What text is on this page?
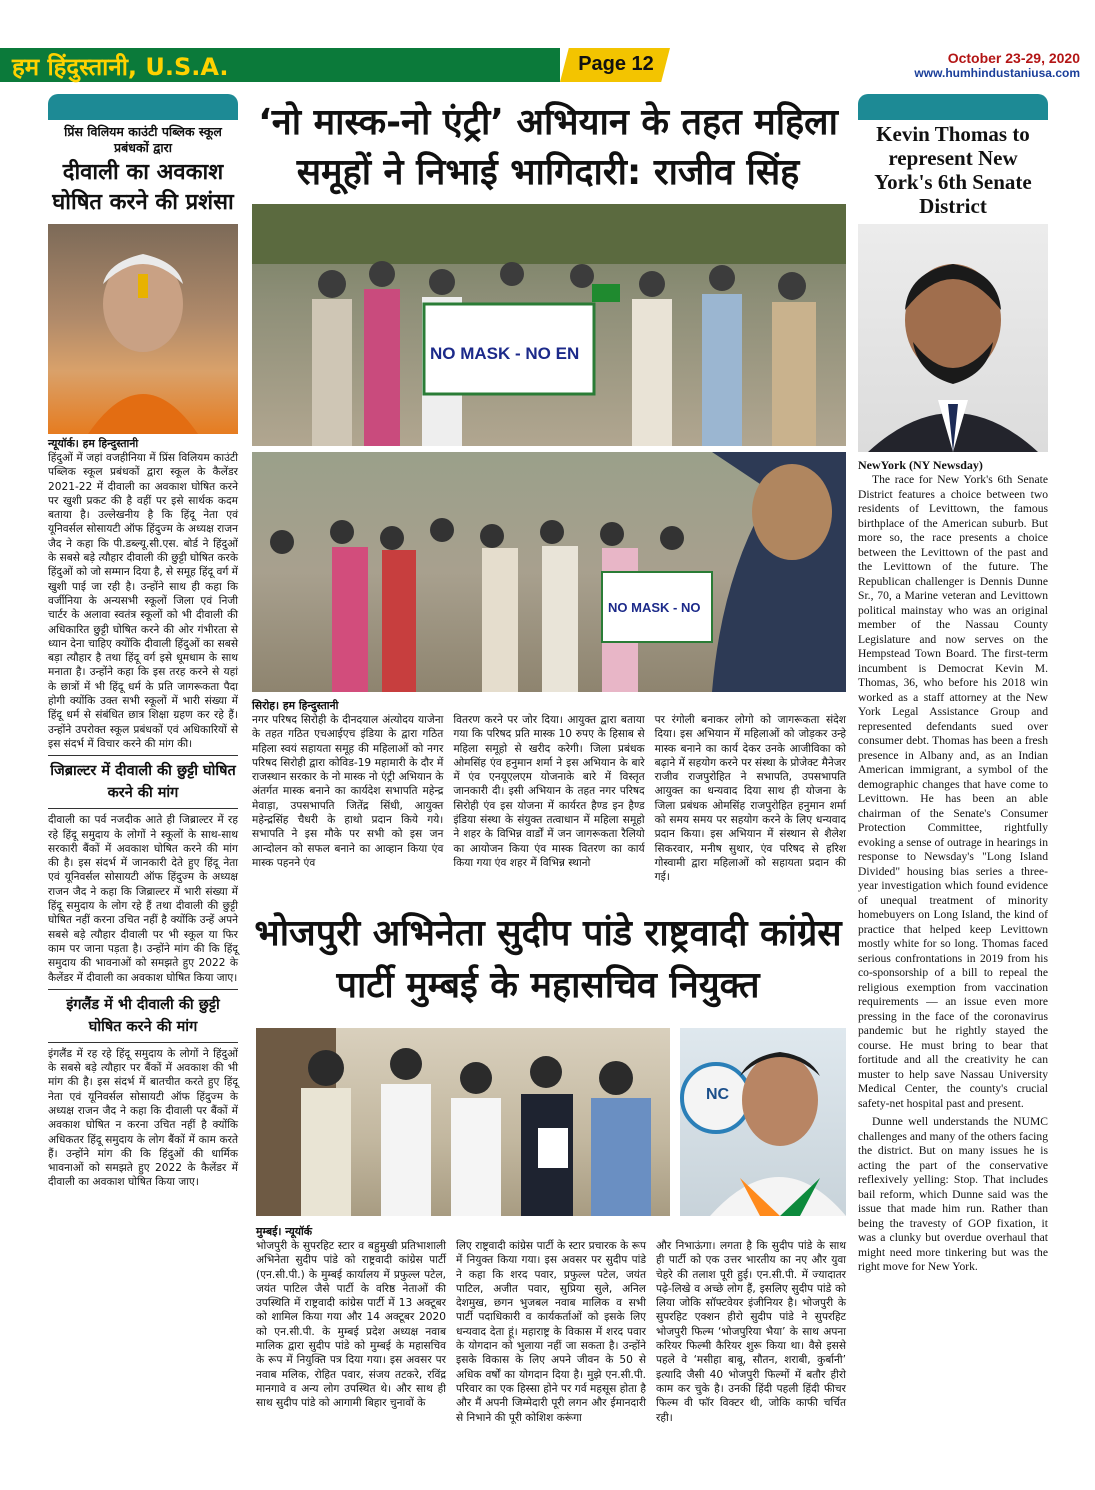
हम हिंदुस्तानी, U.S.A.	Page 12	October 23-29, 2020
www.humhindustaniusa.com
प्रिंस विलियम काउंटी पब्लिक स्कूल प्रबंधकों द्वारा
दीवाली का अवकाश घोषित करने की प्रशंसा
न्यूयॉर्क। हम हिन्दुस्तानी
हिंदुओं में जहां वजहीनिया में प्रिंस विलियम काउंटी पब्लिक स्कूल प्रबंधकों द्वारा स्कूल के कैलेंडर 2021-22 में दीवाली का अवकाश घोषित करने पर खुशी प्रकट की है वहीं पर इसे सार्थक कदम बताया है। उल्लेखनीय है कि हिंदू नेता एवं यूनिवर्सल सोसायटी ऑफ हिंदुज्म के अध्यक्ष राजन जैद ने कहा कि पी.डब्ल्यू.सी.एस. बोर्ड ने हिंदुओं के सबसे बड़े त्यौहार दीवाली की छुट्टी घोषित करके हिंदुओं को जो सम्मान दिया है, से समूह हिंदू वर्ग में खुशी पाई जा रही है। उन्होंने साथ ही कहा कि वर्जीनिया के अन्यसभी स्कूलों जिला एवं निजी चार्टर के अलावा स्वतंत्र स्कूलों को भी दीवाली की अधिकारित छुट्टी घोषित करने की ओर गंभीरता से ध्यान देना चाहिए क्योंकि दीवाली हिंदुओं का सबसे बड़ा त्यौहार है तथा हिंदू वर्ग इसे धूमधाम के साथ मनाता है। उन्होंने कहा कि इस तरह करने से यहां के छात्रों में भी हिंदू धर्म के प्रति जागरूकता पैदा होगी क्योंकि उक्त सभी स्कूलों में भारी संख्या में हिंदू धर्म से संबंधित छात्र शिक्षा ग्रहण कर रहे हैं। उन्होंने उपरोक्त स्कूल प्रबंधकों एवं अधिकारियों से इस संदर्भ में विचार करने की मांग की।
जिब्राल्टर में दीवाली की छुट्टी घोषित करने की मांग
दीवाली का पर्व नजदीक आते ही जिब्राल्टर में रह रहे हिंदू समुदाय के लोगों ने स्कूलों के साथ-साथ सरकारी बैंकों में अवकाश घोषित करने की मांग की है। इस संदर्भ में जानकारी देते हुए हिंदू नेता एवं यूनिवर्सल सोसायटी ऑफ हिंदुज्म के अध्यक्ष राजन जैद ने कहा कि जिब्राल्टर में भारी संख्या में हिंदू समुदाय के लोग रहे हैं तथा दीवाली की छुट्टी घोषित नहीं करना उचित नहीं है क्योंकि उन्हें अपने सबसे बड़े त्यौहार दीवाली पर भी स्कूल या फिर काम पर जाना पड़ता है। उन्होंने मांग की कि हिंदू समुदाय की भावनाओं को समझते हुए 2022 के कैलेंडर में दीवाली का अवकाश घोषित किया जाए।
इंगलैंड में भी दीवाली की छुट्टी घोषित करने की मांग
इंगलैंड में रह रहे हिंदू समुदाय के लोगों ने हिंदुओं के सबसे बड़े त्यौहार पर बैंकों में अवकाश की भी मांग की है। इस संदर्भ में बातचीत करते हुए हिंदू नेता एवं यूनिवर्सल सोसायटी ऑफ हिंदुज्म के अध्यक्ष राजन जैद ने कहा कि दीवाली पर बैंकों में अवकाश घोषित न करना उचित नहीं है क्योंकि अधिकतर हिंदू समुदाय के लोग बैंकों में काम करते हैं। उन्होंने मांग की कि हिंदुओं की धार्मिक भावनाओं को समझते हुए 2022 के कैलेंडर में दीवाली का अवकाश घोषित किया जाए।
‘नो मास्क-नो एंट्री’ अभियान के तहत महिला समूहों ने निभाई भागिदारी: राजीव सिंह
NO MASK - NO EN
NO MASK - NO
सिरोह। हम हिन्दुस्तानी
नगर परिषद सिरोही के दीनदयाल अंत्योदय याजेना के तहत गठित एचआईएच इंडिया के द्वारा गठित महिला स्वयं सहायता समूह की महिलाओं को नगर परिषद सिरोही द्वारा कोविड-19 महामारी के दौर में राजस्थान सरकार के नो मास्क नो एंट्री अभियान के अंतर्गत मास्क बनाने का कार्यदेश सभापति महेन्द्र मेवाड़ा, उपसभापति जितेंद्र सिंधी, आयुक्त महेन्द्रसिंह चैधरी के हाथो प्रदान किये गये। सभापति ने इस मौके पर सभी को इस जन आन्दोलन को सफल बनाने का आव्हान किया एंव मास्क पहनने एंव
वितरण करने पर जोर दिया। आयुक्त द्वारा बताया गया कि परिषद प्रति मास्क 10 रुपए के हिसाब से महिला समूहो से खरीद करेगी। जिला प्रबंधक ओमसिंह एंव हनुमान शर्मा ने इस अभियान के बारे में एंव एनयूएलएम योजनाके बारे में विस्तृत जानकारी दी। इसी अभियान के तहत नगर परिषद सिरोही एंव इस योजना में कार्यरत हैण्ड इन हैण्ड इंडिया संस्था के संयुक्त तत्वाधान में महिला समूहो ने शहर के विभिन्न वार्डों में जन जागरूकता रैलियो का आयोजन किया एंव मास्क वितरण का कार्य किया गया एंव शहर में विभिन्न स्थानो
पर रंगोली बनाकर लोगो को जागरूकता संदेश दिया। इस अभियान में महिलाओं को जोड़कर उन्हे मास्क बनाने का कार्य देकर उनके आजीविका को बढ़ाने में सहयोग करने पर संस्था के प्रोजेक्ट मैनेजर राजीव राजपुरोहित ने सभापति, उपसभापति आयुक्त का धन्यवाद दिया साथ ही योजना के जिला प्रबंधक ओमसिंह राजपुरोहित हनुमान शर्मा को समय समय पर सहयोग करने के लिए धन्यवाद प्रदान किया। इस अभियान में संस्थान से शैलेश सिकरवार, मनीष सुथार, एंव परिषद से हरिश गोस्वामी द्वारा महिलाओं को सहायता प्रदान की गई।
भोजपुरी अभिनेता सुदीप पांडे राष्ट्रवादी कांग्रेस पार्टी मुम्बई के महासचिव नियुक्त
NC
मुम्बई। न्यूयॉर्क
भोजपुरी के सुपरहिट स्टार व बहुमुखी प्रतिभाशाली अभिनेता सुदीप पांडे को राष्ट्रवादी कांग्रेस पार्टी (एन.सी.पी.) के मुम्बई कार्यालय में प्रफुल्ल पटेल, जयंत पाटिल जैसे पार्टी के वरिष्ठ नेताओं की उपस्थिति में राष्ट्रवादी कांग्रेस पार्टी में 13 अक्टूबर को शामिल किया गया और 14 अक्टूबर 2020 को एन.सी.पी. के मुम्बई प्रदेश अध्यक्ष नवाब मालिक द्वारा सुदीप पांडे को मुम्बई के महासचिव के रूप में नियुक्ति पत्र दिया गया। इस अवसर पर नवाब मलिक, रोहित पवार, संजय तटकरे, रविंद्र मानगावे व अन्य लोग उपस्थित थे। और साथ ही साथ सुदीप पांडे को आगामी बिहार चुनावों के
लिए राष्ट्रवादी कांग्रेस पार्टी के स्टार प्रचारक के रूप में नियुक्त किया गया। इस अवसर पर सुदीप पांडे ने कहा कि शरद पवार, प्रफुल्ल पटेल, जयंत पाटिल, अजीत पवार, सुप्रिया सुले, अनिल देशमुख, छगन भुजबल नवाब मालिक व सभी पार्टी पदाधिकारी व कार्यकर्ताओं को इसके लिए धन्यवाद देता हूं। महाराष्ट्र के विकास में शरद पवार के योगदान को भुलाया नहीं जा सकता है। उन्होंने इसके विकास के लिए अपने जीवन के 50 से अधिक वर्षों का योगदान दिया है। मुझे एन.सी.पी. परिवार का एक हिस्सा होने पर गर्व महसूस होता है और मैं अपनी जिम्मेदारी पूरी लगन और ईमानदारी से निभाने की पूरी कोशिश करूंगा
और निभाऊंगा। लगता है कि सुदीप पांडे के साथ ही पार्टी को एक उत्तर भारतीय का नए और युवा चेहरे की तलाश पूरी हुई। एन.सी.पी. में ज्यादातर पढ़े-लिखे व अच्छे लोग हैं, इसलिए सुदीप पांडे को लिया जोकि सॉफ्टवेयर इंजीनियर है। भोजपुरी के सुपरहिट एक्शन हीरो सुदीप पांडे ने सुपरहिट भोजपुरी फिल्म ‘भोजपुरिया भैया’ के साथ अपना करियर फिल्मी कैरियर शुरू किया था। वैसे इससे पहले वे ‘मसीहा बाबू, सौतन, शराबी, कुर्बानी’ इत्यादि जैसी 40 भोजपुरी फिल्मों में बतौर हीरो काम कर चुके है। उनकी हिंदी पहली हिंदी फीचर फिल्म वी फॉर विक्टर थी, जोकि काफी चर्चित रही।
Kevin Thomas to represent New York's 6th Senate District
NewYork (NY Newsday)
The race for New York's 6th Senate District features a choice between two residents of Levittown, the famous birthplace of the American suburb. But more so, the race presents a choice between the Levittown of the past and the Levittown of the future. The Republican challenger is Dennis Dunne Sr., 70, a Marine veteran and Levittown political mainstay who was an original member of the Nassau County Legislature and now serves on the Hempstead Town Board. The first-term incumbent is Democrat Kevin M. Thomas, 36, who before his 2018 win worked as a staff attorney at the New York Legal Assistance Group and represented defendants sued over consumer debt. Thomas has been a fresh presence in Albany and, as an Indian American immigrant, a symbol of the demographic changes that have come to Levittown. He has been an able chairman of the Senate's Consumer Protection Committee, rightfully evoking a sense of outrage in hearings in response to Newsday's "Long Island Divided" housing bias series a three-year investigation which found evidence of unequal treatment of minority homebuyers on Long Island, the kind of practice that helped keep Levittown mostly white for so long. Thomas faced serious confrontations in 2019 from his co-sponsorship of a bill to repeal the religious exemption from vaccination requirements — an issue even more pressing in the face of the coronavirus pandemic but he rightly stayed the course. He must bring to bear that fortitude and all the creativity he can muster to help save Nassau University Medical Center, the county's crucial safety-net hospital past and present.
Dunne well understands the NUMC challenges and many of the others facing the district. But on many issues he is acting the part of the conservative reflexively yelling: Stop. That includes bail reform, which Dunne said was the issue that made him run. Rather than being the travesty of GOP fixation, it was a clunky but overdue overhaul that might need more tinkering but was the right move for New York.
